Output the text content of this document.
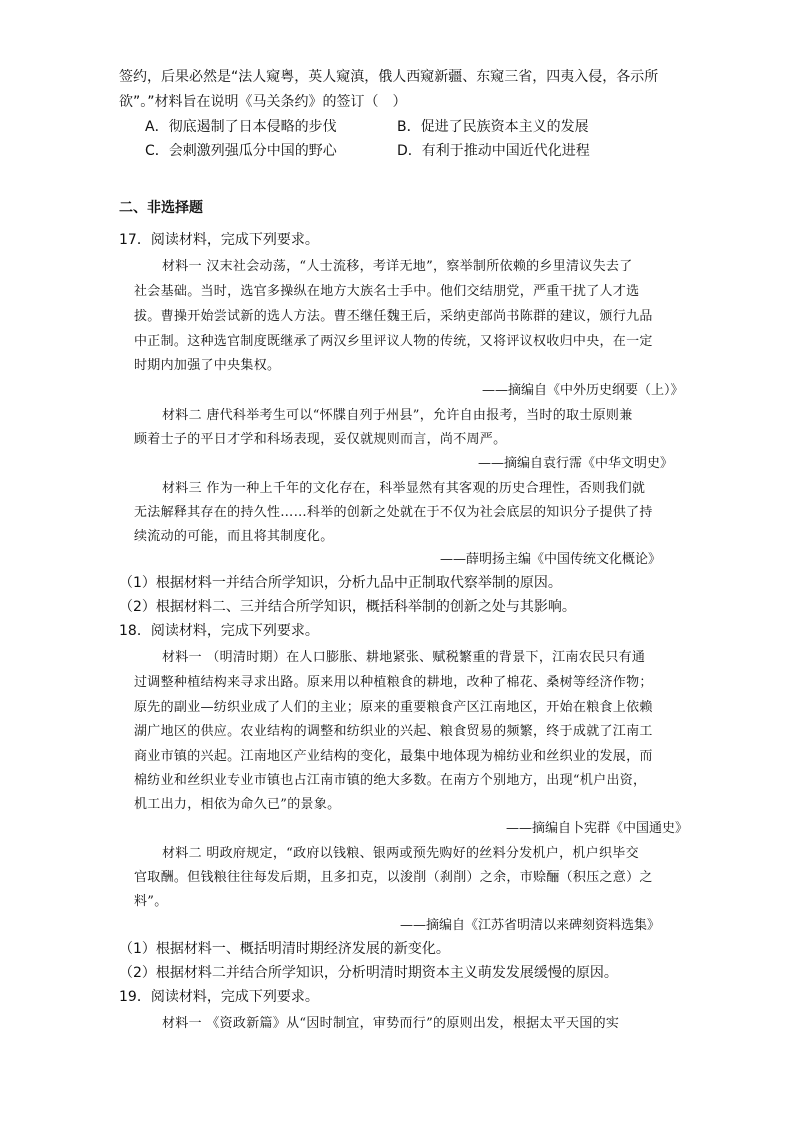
签约，后果必然是“法人窥粤，英人窥滇，俄人西窥新疆、东窥三省，四夷入侵，各示所
欲”。”材料旨在说明《马关条约》的签订（　）
A．彻底遏制了日本侵略的步伐	B．促进了民族资本主义的发展
C．会刺激列强瓜分中国的野心	D．有利于推动中国近代化进程
二、非选择题
17．阅读材料，完成下列要求。
材料一 汉末社会动荡，“人士流移，考详无地”，察举制所依赖的乡里清议失去了
社会基础。当时，选官多操纵在地方大族名士手中。他们交结朋党，严重干扰了人才选
拔。曹操开始尝试新的选人方法。曹丕继任魏王后，采纳吏部尚书陈群的建议，颁行九品
中正制。这种选官制度既继承了两汉乡里评议人物的传统，又将评议权收归中央，在一定
时期内加强了中央集权。
——摘编自《中外历史纲要（上）》
材料二 唐代科举考生可以“怀牒自列于州县”，允许自由报考，当时的取士原则兼
顾着士子的平日才学和科场表现，妥仅就规则而言，尚不周严。
——摘编自袁行霈《中华文明史》
材料三 作为一种上千年的文化存在，科举显然有其客观的历史合理性，否则我们就
无法解释其存在的持久性……科举的创新之处就在于不仅为社会底层的知识分子提供了持
续流动的可能，而且将其制度化。
——薛明扬主编《中国传统文化概论》
（1）根据材料一并结合所学知识，分析九品中正制取代察举制的原因。
（2）根据材料二、三并结合所学知识，概括科举制的创新之处与其影响。
18．阅读材料，完成下列要求。
材料一 （明清时期）在人口膨胀、耕地紧张、赋税繁重的背景下，江南农民只有通
过调整种植结构来寻求出路。原来用以种植粮食的耕地，改种了棉花、桑树等经济作物；
原先的副业—纺织业成了人们的主业；原来的重要粮食产区江南地区，开始在粮食上依赖
湖广地区的供应。农业结构的调整和纺织业的兴起、粮食贸易的频繁，终于成就了江南工
商业市镇的兴起。江南地区产业结构的变化，最集中地体现为棉纺业和丝织业的发展，而
棉纺业和丝织业专业市镇也占江南市镇的绝大多数。在南方个别地方，出现“机户出资，
机工出力，相依为命久已”的景象。
——摘编自卜宪群《中国通史》
材料二 明政府规定，“政府以钱粮、银两或预先购好的丝料分发机户，机户织毕交
官取酬。但钱粮往往每发后期，且多扣克，以浚削（刹削）之余，市赊酾（积压之意）之
料”。
——摘编自《江苏省明清以来碑刻资料选集》
（1）根据材料一、概括明清时期经济发展的新变化。
（2）根据材料二并结合所学知识，分析明清时期资本主义萌发发展缓慢的原因。
19．阅读材料，完成下列要求。
材料一 《资政新篇》从“因时制宜，审势而行”的原则出发，根据太平天国的实
